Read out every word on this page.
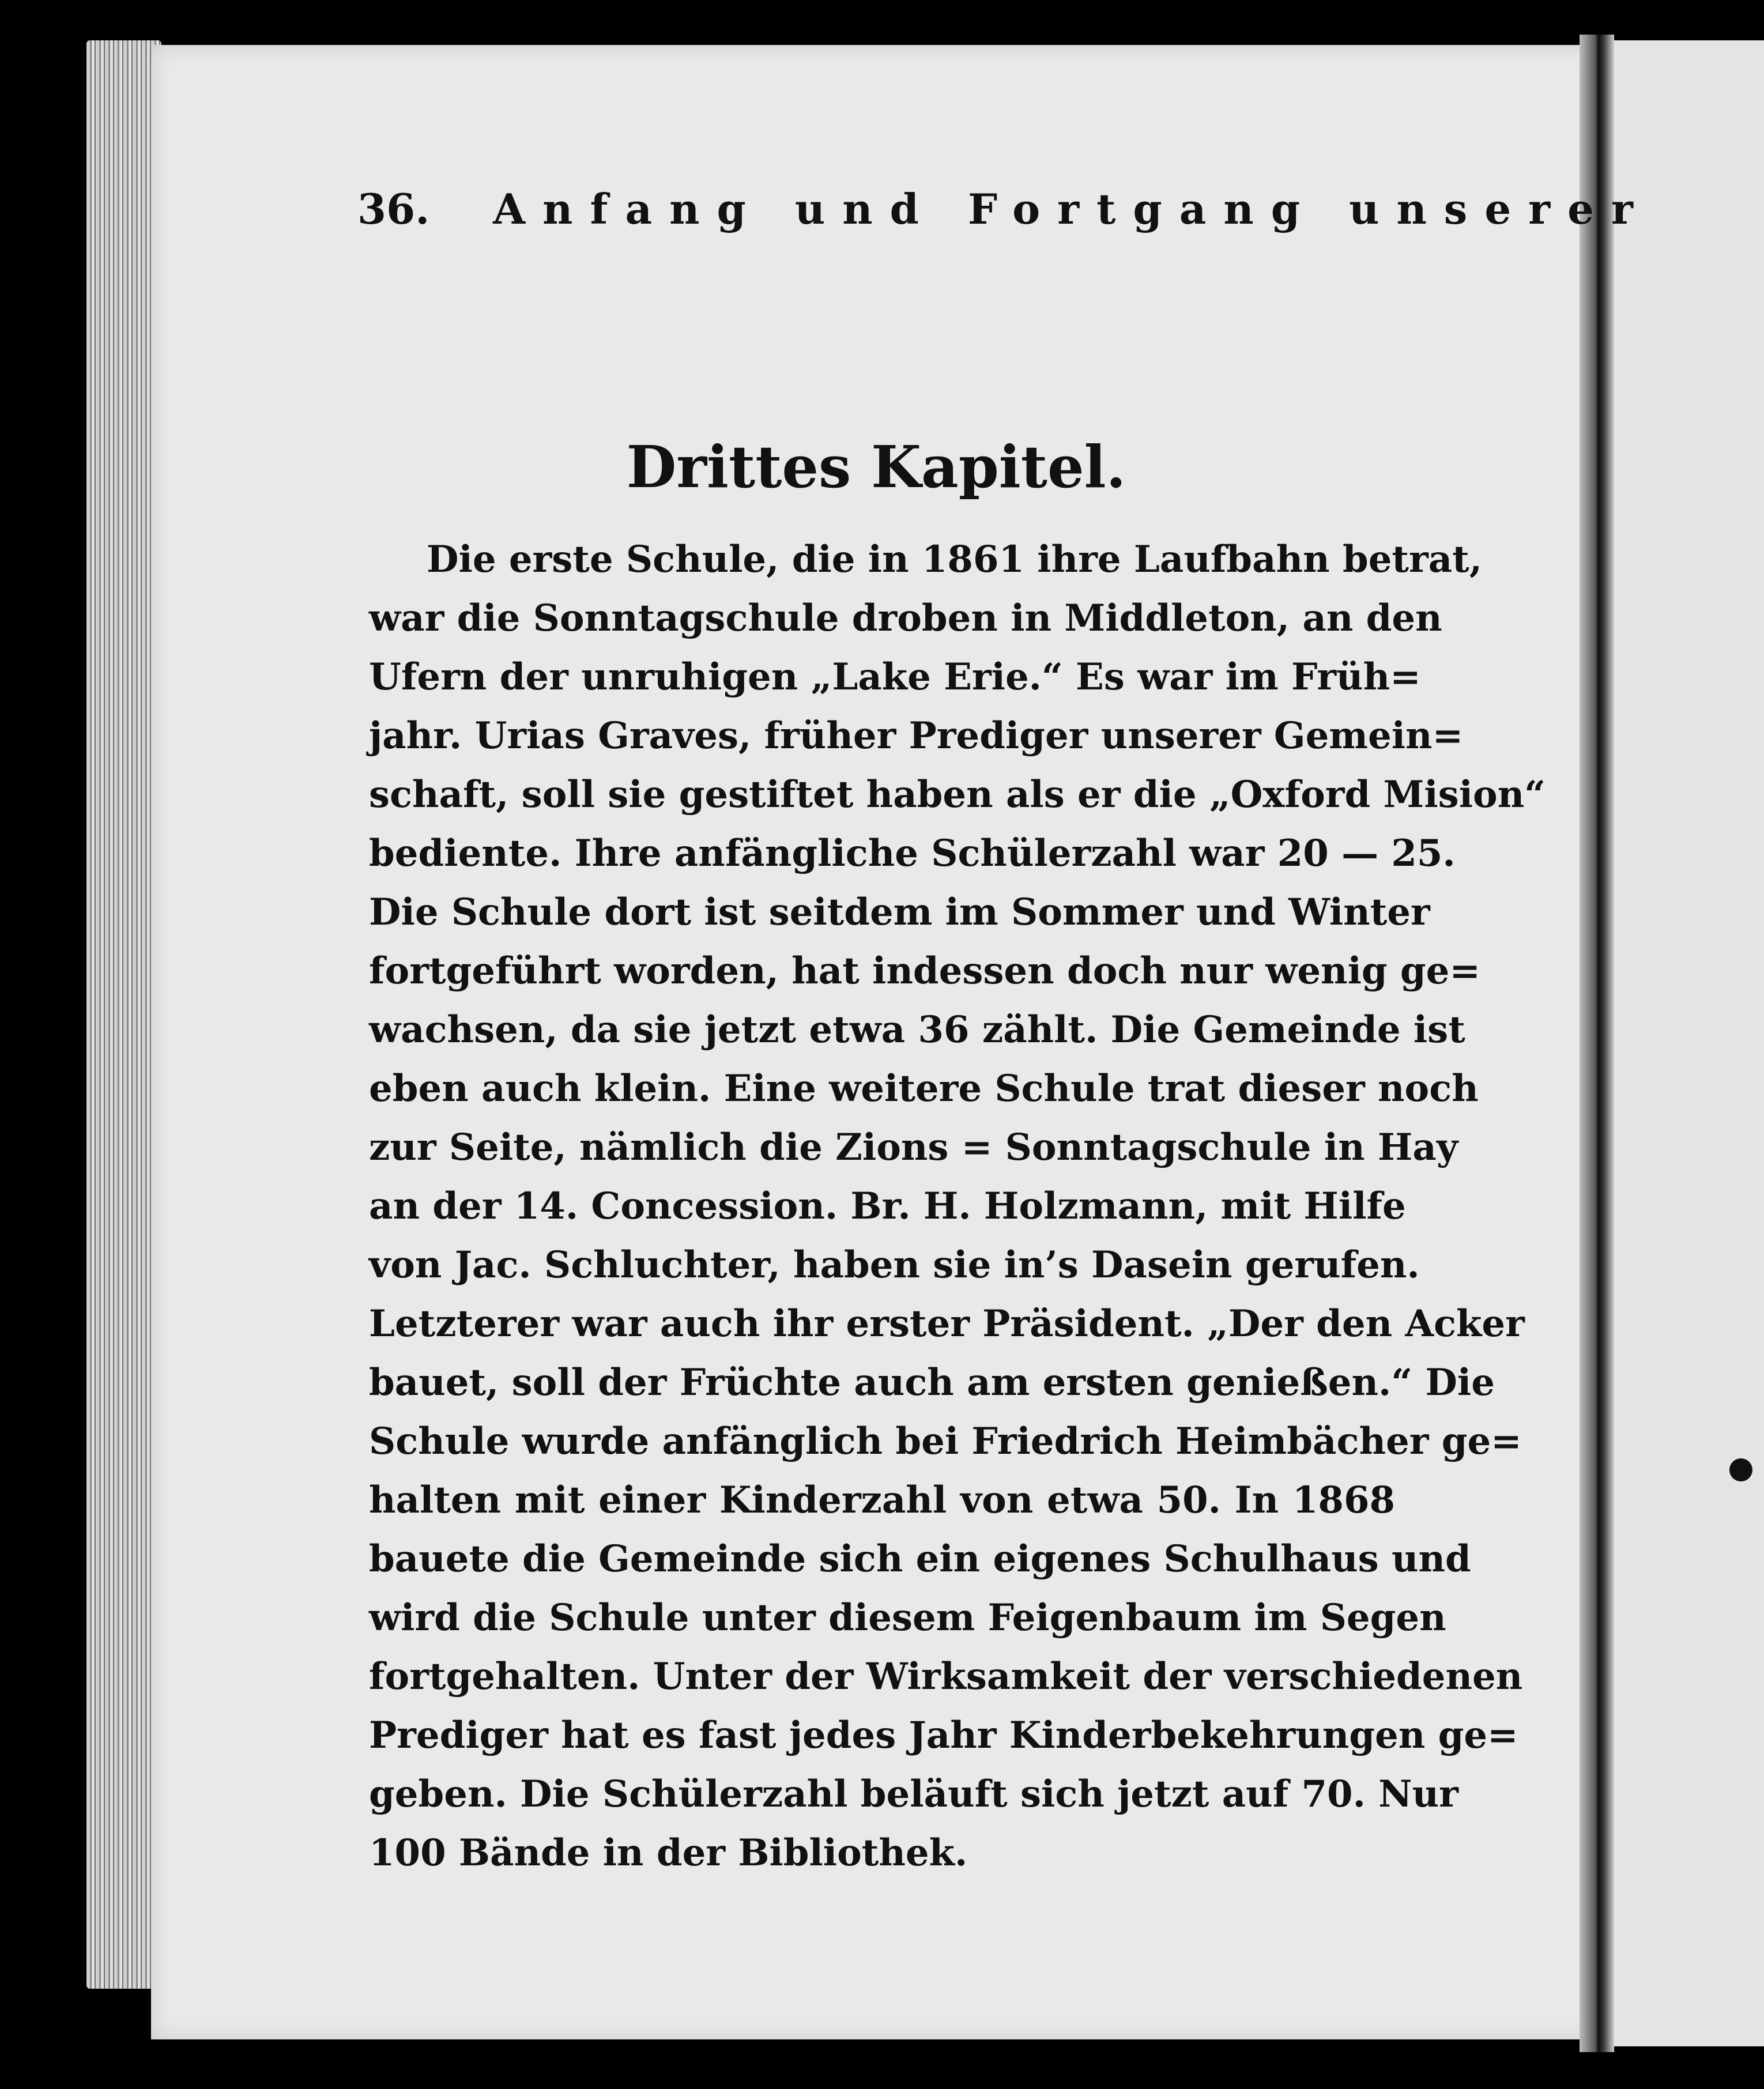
36. Anfang und Fortgang unserer
Drittes Kapitel.
Die erste Schule, die in 1861 ihre Laufbahn betrat,
war die Sonntagschule droben in Middleton, an den
Ufern der unruhigen „Lake Erie.“ Es war im Früh=
jahr. Urias Graves, früher Prediger unserer Gemein=
schaft, soll sie gestiftet haben als er die „Oxford Mision“
bediente. Ihre anfängliche Schülerzahl war 20 — 25.
Die Schule dort ist seitdem im Sommer und Winter
fortgeführt worden, hat indessen doch nur wenig ge=
wachsen, da sie jetzt etwa 36 zählt. Die Gemeinde ist
eben auch klein. Eine weitere Schule trat dieser noch
zur Seite, nämlich die Zions = Sonntagschule in Hay
an der 14. Concession. Br. H. Holzmann, mit Hilfe
von Jac. Schluchter, haben sie in’s Dasein gerufen.
Letzterer war auch ihr erster Präsident. „Der den Acker
bauet, soll der Früchte auch am ersten genießen.“ Die
Schule wurde anfänglich bei Friedrich Heimbächer ge=
halten mit einer Kinderzahl von etwa 50. In 1868
bauete die Gemeinde sich ein eigenes Schulhaus und
wird die Schule unter diesem Feigenbaum im Segen
fortgehalten. Unter der Wirksamkeit der verschiedenen
Prediger hat es fast jedes Jahr Kinderbekehrungen ge=
geben. Die Schülerzahl beläuft sich jetzt auf 70. Nur
100 Bände in der Bibliothek.
